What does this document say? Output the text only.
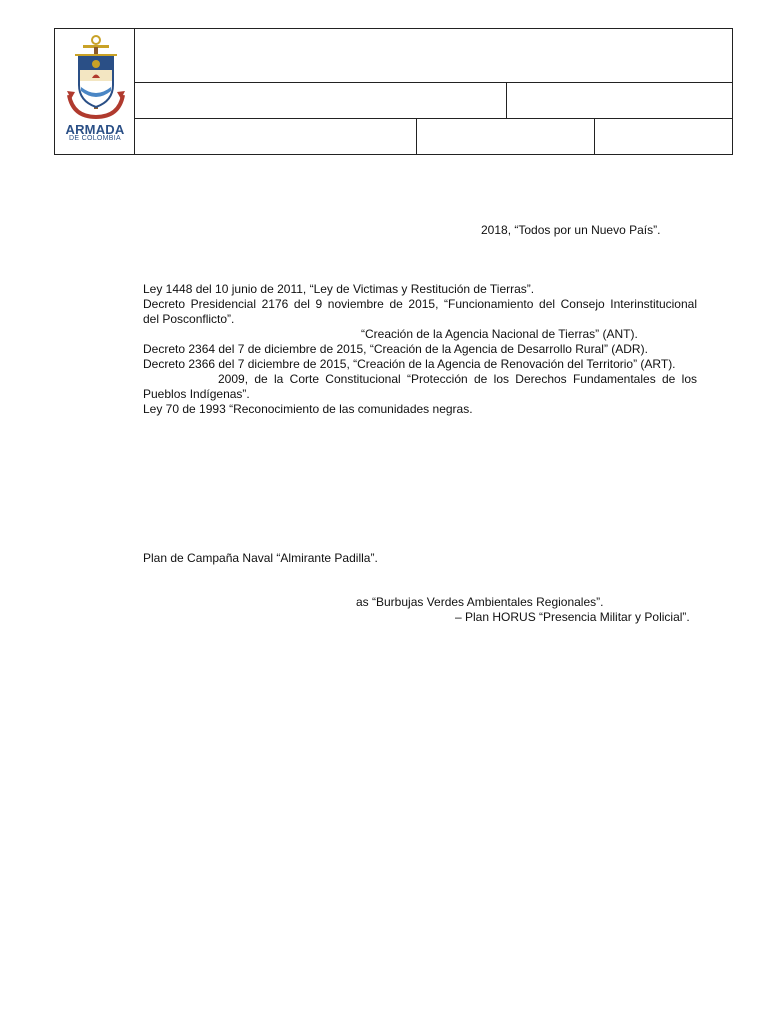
ARMADA
DE COLOMBIA
2018, “Todos por un Nuevo País”.
Ley 1448 del 10 junio de 2011, “Ley de Victimas y Restitución de Tierras”.
Decreto Presidencial 2176 del 9 noviembre de 2015, “Funcionamiento del Consejo Interinstitucional
del Posconflicto”.
“Creación de la Agencia Nacional de Tierras” (ANT).
Decreto 2364 del 7 de diciembre de 2015, “Creación de la Agencia de Desarrollo Rural” (ADR).
Decreto 2366 del 7 diciembre de 2015, “Creación de la Agencia de Renovación del Territorio” (ART).
2009, de la Corte Constitucional “Protección de los Derechos Fundamentales de los
Pueblos Indígenas”.
Ley 70 de 1993 “Reconocimiento de las comunidades negras.
Plan de Campaña Naval “Almirante Padilla”.
as “Burbujas Verdes Ambientales Regionales”.
– Plan HORUS “Presencia Militar y Policial”.
